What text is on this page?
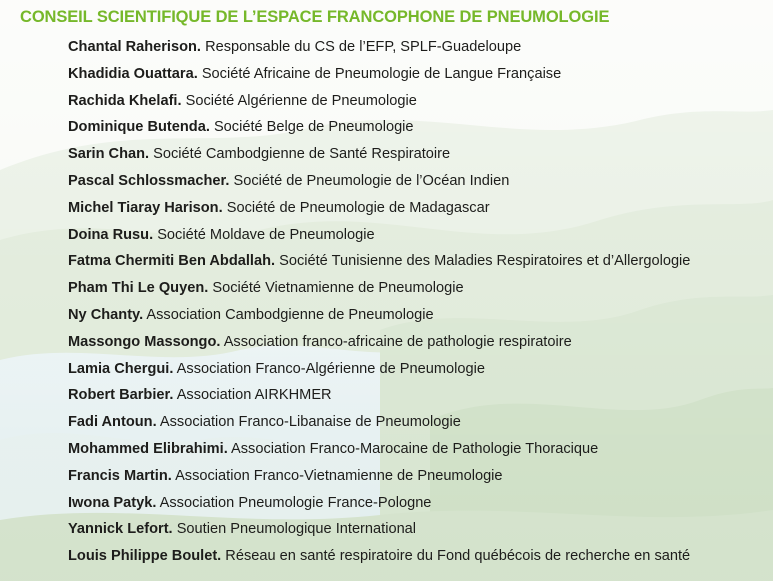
CONSEIL SCIENTIFIQUE DE L’ESPACE FRANCOPHONE DE PNEUMOLOGIE
Chantal Raherison. Responsable du CS de l’EFP, SPLF-Guadeloupe
Khadidia Ouattara. Société Africaine de Pneumologie de Langue Française
Rachida Khelafi. Société Algérienne de Pneumologie
Dominique Butenda. Société Belge de Pneumologie
Sarin Chan. Société Cambodgienne de Santé Respiratoire
Pascal Schlossmacher. Société de Pneumologie de l’Océan Indien
Michel Tiaray Harison. Société de Pneumologie de Madagascar
Doina Rusu. Société Moldave de Pneumologie
Fatma Chermiti Ben Abdallah. Société Tunisienne des Maladies Respiratoires et d’Allergologie
Pham Thi Le Quyen. Société Vietnamienne de Pneumologie
Ny Chanty. Association Cambodgienne de Pneumologie
Massongo Massongo. Association franco-africaine de pathologie respiratoire
Lamia Chergui. Association Franco-Algérienne de Pneumologie
Robert Barbier. Association AIRKHMER
Fadi Antoun. Association Franco-Libanaise de Pneumologie
Mohammed Elibrahimi. Association Franco-Marocaine de Pathologie Thoracique
Francis Martin. Association Franco-Vietnamienne de Pneumologie
Iwona Patyk. Association Pneumologie France-Pologne
Yannick Lefort. Soutien Pneumologique International
Louis Philippe Boulet. Réseau en santé respiratoire du Fond québécois de recherche en santé
